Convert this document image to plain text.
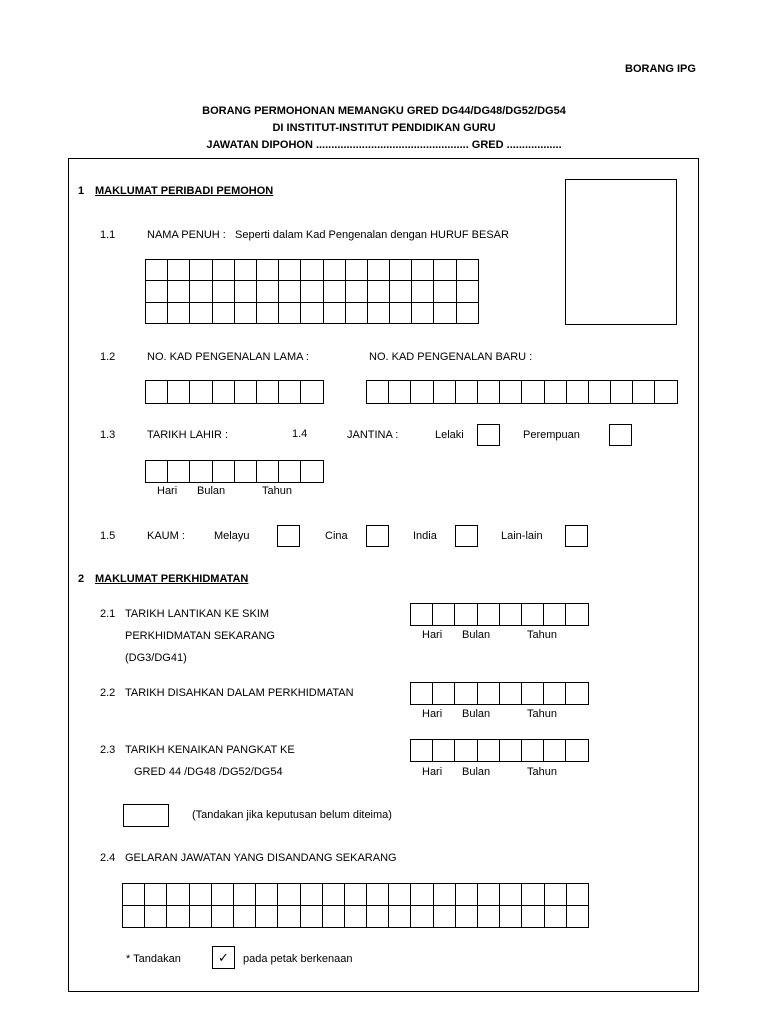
BORANG IPG
BORANG PERMOHONAN MEMANGKU GRED DG44/DG48/DG52/DG54
DI INSTITUT-INSTITUT PENDIDIKAN GURU
JAWATAN DIPOHON .................................................. GRED ..................
1 MAKLUMAT PERIBADI PEMOHON
1.1	NAMA PENUH : Seperti dalam Kad Pengenalan dengan HURUF BESAR
1.2	NO. KAD PENGENALAN LAMA :	NO. KAD PENGENALAN BARU :
1.3	TARIKH LAHIR :	1.4	JANTINA :	Lelaki	Perempuan
Hari Bulan	Tahun
1.5	KAUM :	Melayu	Cina	India	Lain-lain
2 MAKLUMAT PERKHIDMATAN
2.1 TARIKH LANTIKAN KE SKIM
PERKHIDMATAN SEKARANG
(DG3/DG41)
Hari Bulan	Tahun
2.2 TARIKH DISAHKAN DALAM PERKHIDMATAN
Hari Bulan	Tahun
2.3 TARIKH KENAIKAN PANGKAT KE
GRED 44 /DG48 /DG52/DG54	Hari Bulan	Tahun
(Tandakan jika keputusan belum diteima)
2.4 GELARAN JAWATAN YANG DISANDANG SEKARANG
* Tandakan	✓	pada petak berkenaan
